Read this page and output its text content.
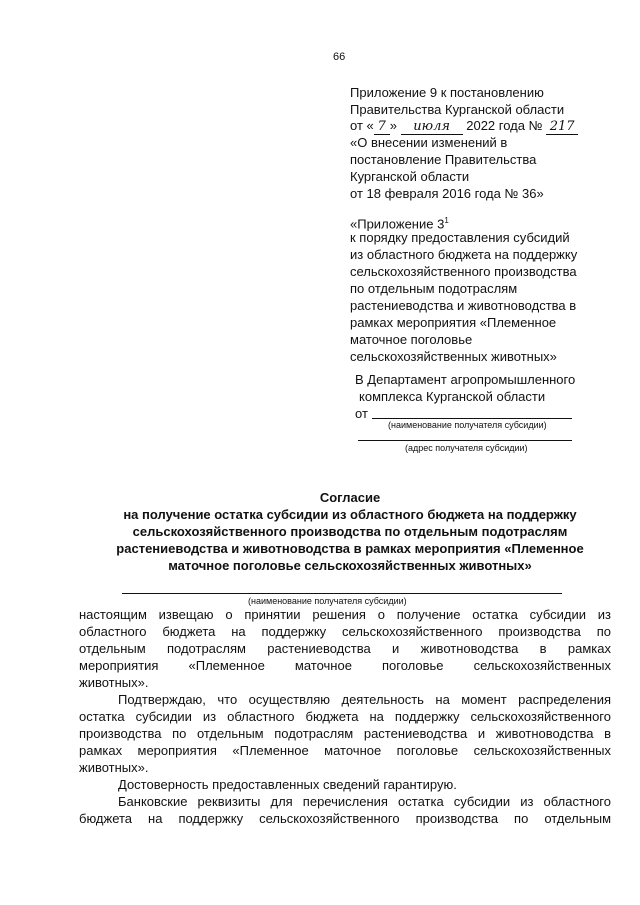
66
Приложение 9 к постановлению
Правительства Курганской области
от « 7 » июля 2022 года № 217
«О внесении изменений в
постановление Правительства
Курганской области
от 18 февраля 2016 года № 36»
«Приложение $3^1$
к порядку предоставления субсидий
из областного бюджета на поддержку
сельскохозяйственного производства
по отдельным подотраслям
растениеводства и животноводства в
рамках мероприятия «Племенное
маточное поголовье
сельскохозяйственных животных»
В Департамент агропромышленного
комплекса Курганской области
от
(наименование получателя субсидии)
(адрес получателя субсидии)
Согласие
на получение остатка субсидии из областного бюджета на поддержку
сельскохозяйственного производства по отдельным подотраслям
растениеводства и животноводства в рамках мероприятия «Племенное
маточное поголовье сельскохозяйственных животных»
(наименование получателя субсидии)
настоящим извещаю о принятии решения о получение остатка субсидии из
областного бюджета на поддержку сельскохозяйственного производства по
отдельным подотраслям растениеводства и животноводства в рамках
мероприятия «Племенное маточное поголовье сельскохозяйственных
животных».
Подтверждаю, что осуществляю деятельность на момент распределения
остатка субсидии из областного бюджета на поддержку сельскохозяйственного
производства по отдельным подотраслям растениеводства и животноводства в
рамках мероприятия «Племенное маточное поголовье сельскохозяйственных
животных».
Достоверность предоставленных сведений гарантирую.
Банковские реквизиты для перечисления остатка субсидии из областного
бюджета на поддержку сельскохозяйственного производства по отдельным
